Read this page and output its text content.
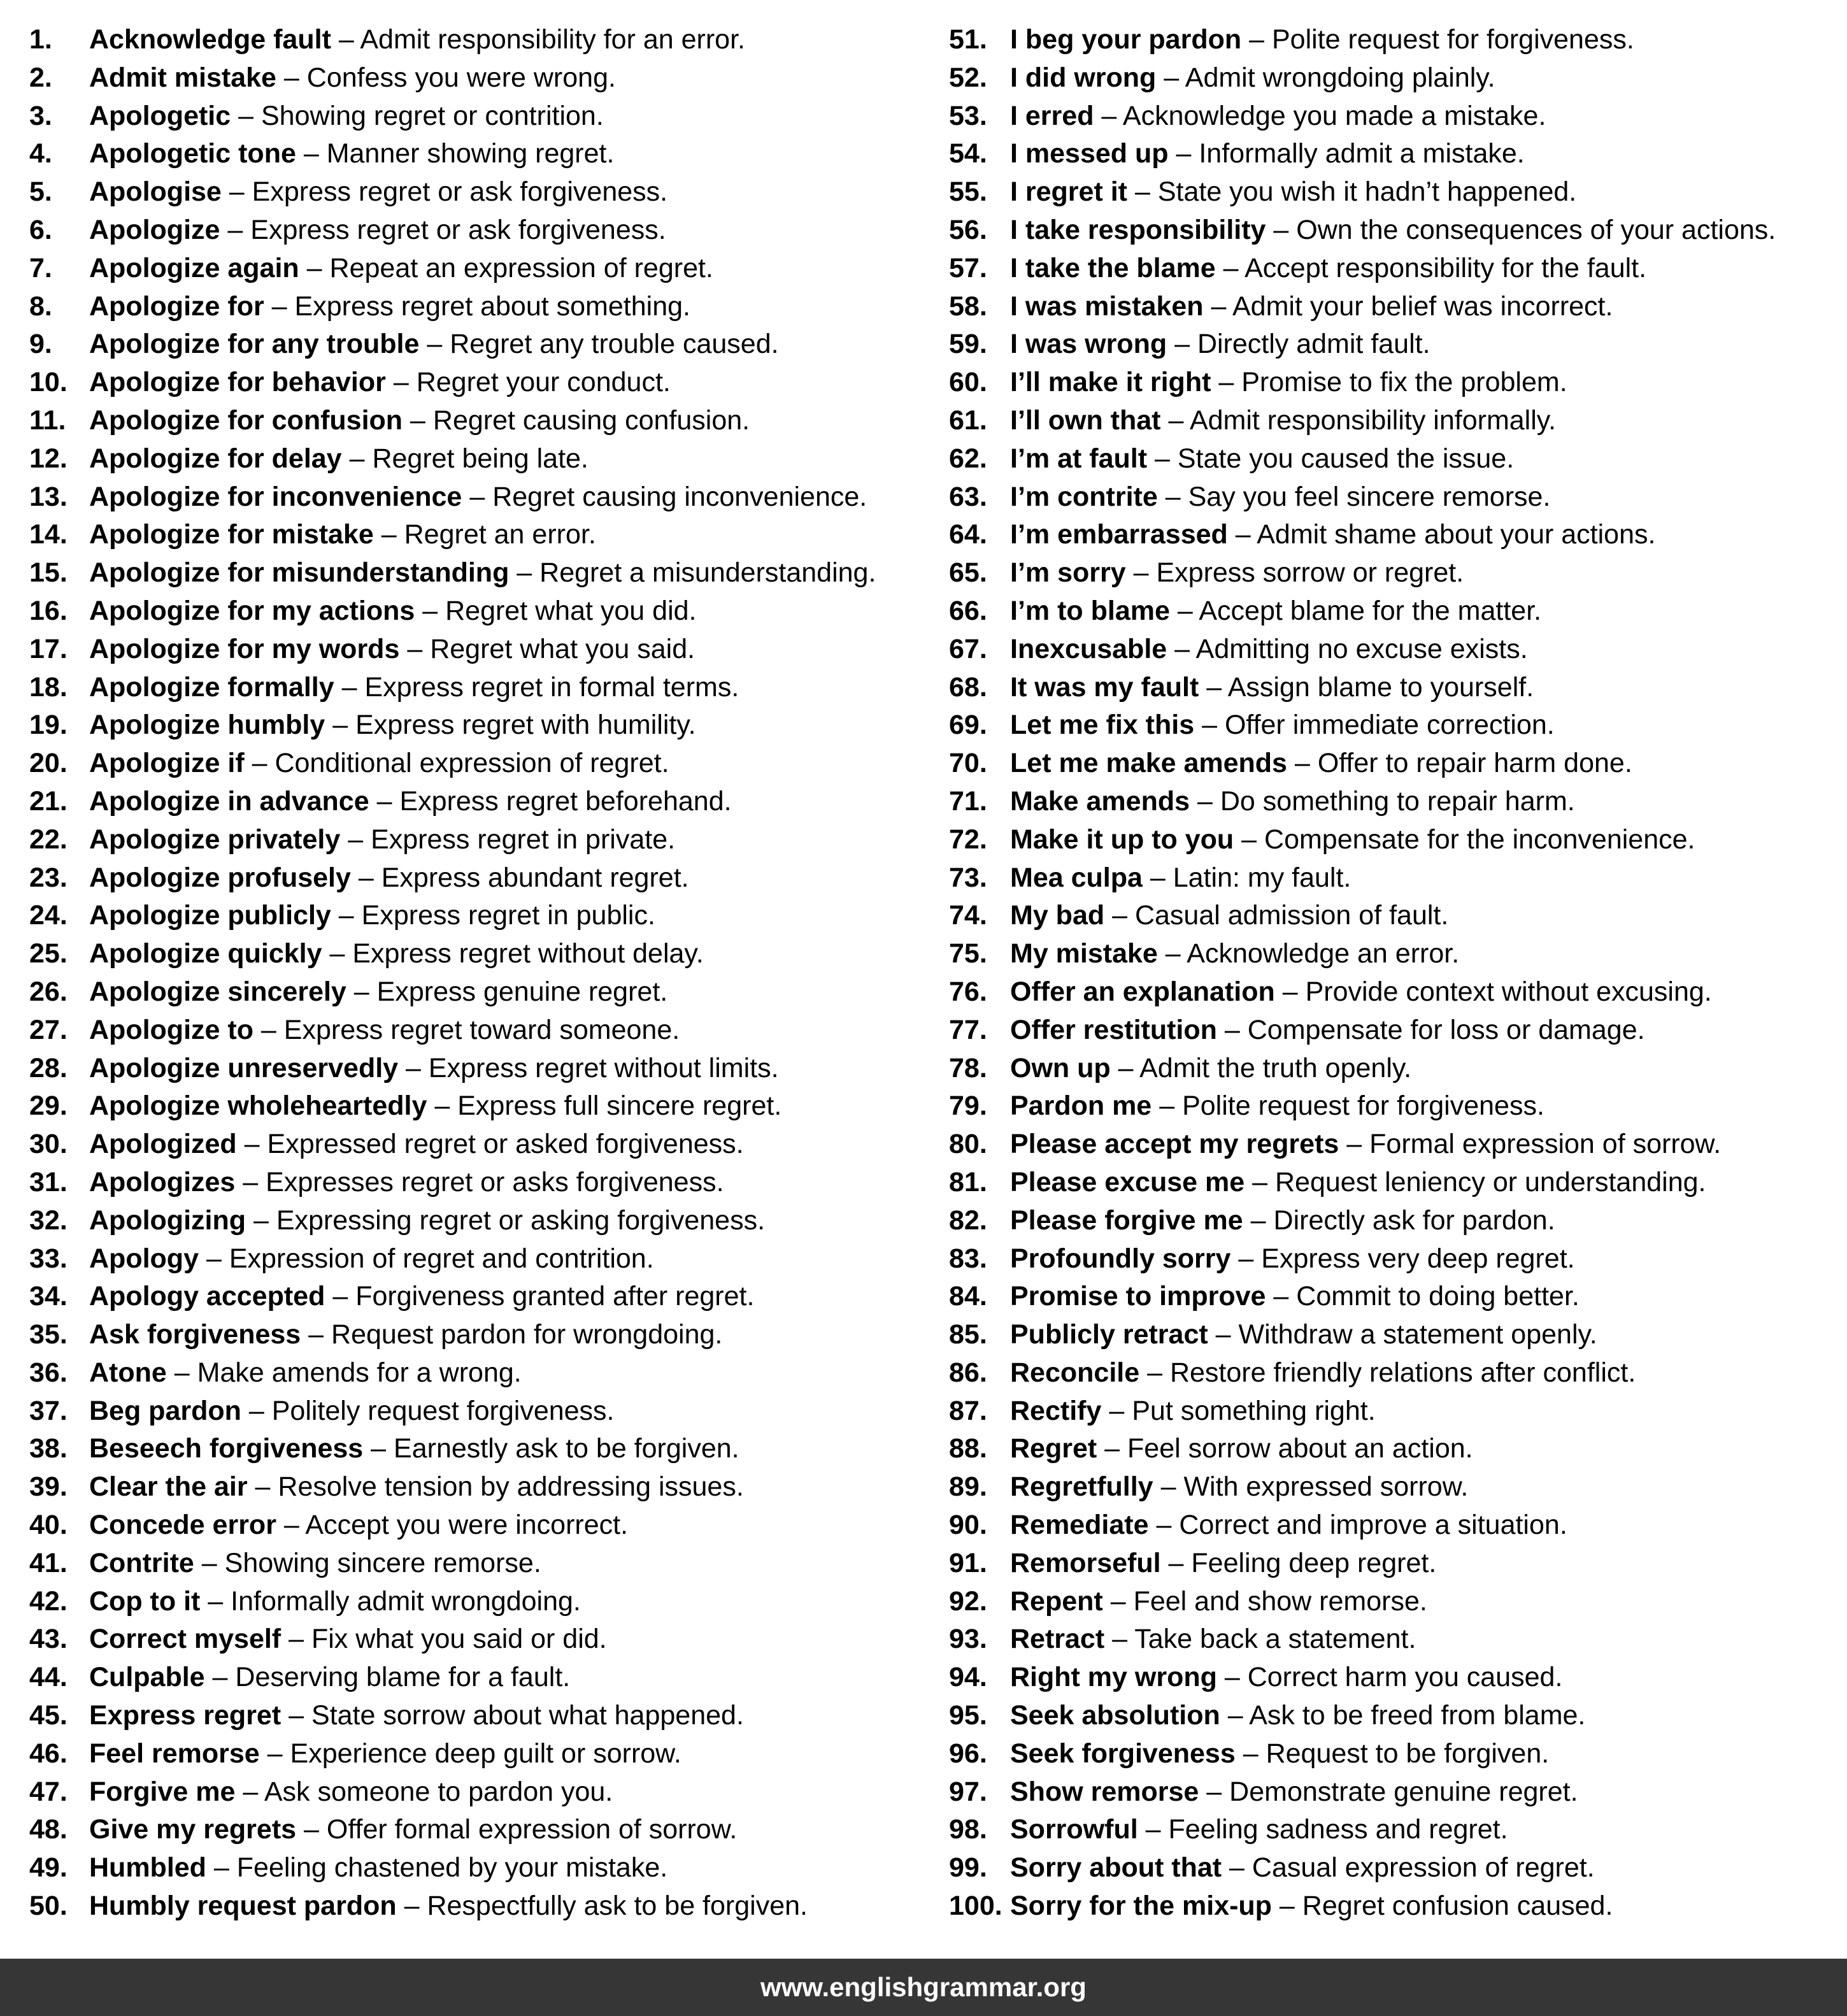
1. Acknowledge fault – Admit responsibility for an error.
2. Admit mistake – Confess you were wrong.
3. Apologetic – Showing regret or contrition.
4. Apologetic tone – Manner showing regret.
5. Apologise – Express regret or ask forgiveness.
6. Apologize – Express regret or ask forgiveness.
7. Apologize again – Repeat an expression of regret.
8. Apologize for – Express regret about something.
9. Apologize for any trouble – Regret any trouble caused.
10. Apologize for behavior – Regret your conduct.
11. Apologize for confusion – Regret causing confusion.
12. Apologize for delay – Regret being late.
13. Apologize for inconvenience – Regret causing inconvenience.
14. Apologize for mistake – Regret an error.
15. Apologize for misunderstanding – Regret a misunderstanding.
16. Apologize for my actions – Regret what you did.
17. Apologize for my words – Regret what you said.
18. Apologize formally – Express regret in formal terms.
19. Apologize humbly – Express regret with humility.
20. Apologize if – Conditional expression of regret.
21. Apologize in advance – Express regret beforehand.
22. Apologize privately – Express regret in private.
23. Apologize profusely – Express abundant regret.
24. Apologize publicly – Express regret in public.
25. Apologize quickly – Express regret without delay.
26. Apologize sincerely – Express genuine regret.
27. Apologize to – Express regret toward someone.
28. Apologize unreservedly – Express regret without limits.
29. Apologize wholeheartedly – Express full sincere regret.
30. Apologized – Expressed regret or asked forgiveness.
31. Apologizes – Expresses regret or asks forgiveness.
32. Apologizing – Expressing regret or asking forgiveness.
33. Apology – Expression of regret and contrition.
34. Apology accepted – Forgiveness granted after regret.
35. Ask forgiveness – Request pardon for wrongdoing.
36. Atone – Make amends for a wrong.
37. Beg pardon – Politely request forgiveness.
38. Beseech forgiveness – Earnestly ask to be forgiven.
39. Clear the air – Resolve tension by addressing issues.
40. Concede error – Accept you were incorrect.
41. Contrite – Showing sincere remorse.
42. Cop to it – Informally admit wrongdoing.
43. Correct myself – Fix what you said or did.
44. Culpable – Deserving blame for a fault.
45. Express regret – State sorrow about what happened.
46. Feel remorse – Experience deep guilt or sorrow.
47. Forgive me – Ask someone to pardon you.
48. Give my regrets – Offer formal expression of sorrow.
49. Humbled – Feeling chastened by your mistake.
50. Humbly request pardon – Respectfully ask to be forgiven.
51. I beg your pardon – Polite request for forgiveness.
52. I did wrong – Admit wrongdoing plainly.
53. I erred – Acknowledge you made a mistake.
54. I messed up – Informally admit a mistake.
55. I regret it – State you wish it hadn’t happened.
56. I take responsibility – Own the consequences of your actions.
57. I take the blame – Accept responsibility for the fault.
58. I was mistaken – Admit your belief was incorrect.
59. I was wrong – Directly admit fault.
60. I’ll make it right – Promise to fix the problem.
61. I’ll own that – Admit responsibility informally.
62. I’m at fault – State you caused the issue.
63. I’m contrite – Say you feel sincere remorse.
64. I’m embarrassed – Admit shame about your actions.
65. I’m sorry – Express sorrow or regret.
66. I’m to blame – Accept blame for the matter.
67. Inexcusable – Admitting no excuse exists.
68. It was my fault – Assign blame to yourself.
69. Let me fix this – Offer immediate correction.
70. Let me make amends – Offer to repair harm done.
71. Make amends – Do something to repair harm.
72. Make it up to you – Compensate for the inconvenience.
73. Mea culpa – Latin: my fault.
74. My bad – Casual admission of fault.
75. My mistake – Acknowledge an error.
76. Offer an explanation – Provide context without excusing.
77. Offer restitution – Compensate for loss or damage.
78. Own up – Admit the truth openly.
79. Pardon me – Polite request for forgiveness.
80. Please accept my regrets – Formal expression of sorrow.
81. Please excuse me – Request leniency or understanding.
82. Please forgive me – Directly ask for pardon.
83. Profoundly sorry – Express very deep regret.
84. Promise to improve – Commit to doing better.
85. Publicly retract – Withdraw a statement openly.
86. Reconcile – Restore friendly relations after conflict.
87. Rectify – Put something right.
88. Regret – Feel sorrow about an action.
89. Regretfully – With expressed sorrow.
90. Remediate – Correct and improve a situation.
91. Remorseful – Feeling deep regret.
92. Repent – Feel and show remorse.
93. Retract – Take back a statement.
94. Right my wrong – Correct harm you caused.
95. Seek absolution – Ask to be freed from blame.
96. Seek forgiveness – Request to be forgiven.
97. Show remorse – Demonstrate genuine regret.
98. Sorrowful – Feeling sadness and regret.
99. Sorry about that – Casual expression of regret.
100. Sorry for the mix-up – Regret confusion caused.
www.englishgrammar.org
